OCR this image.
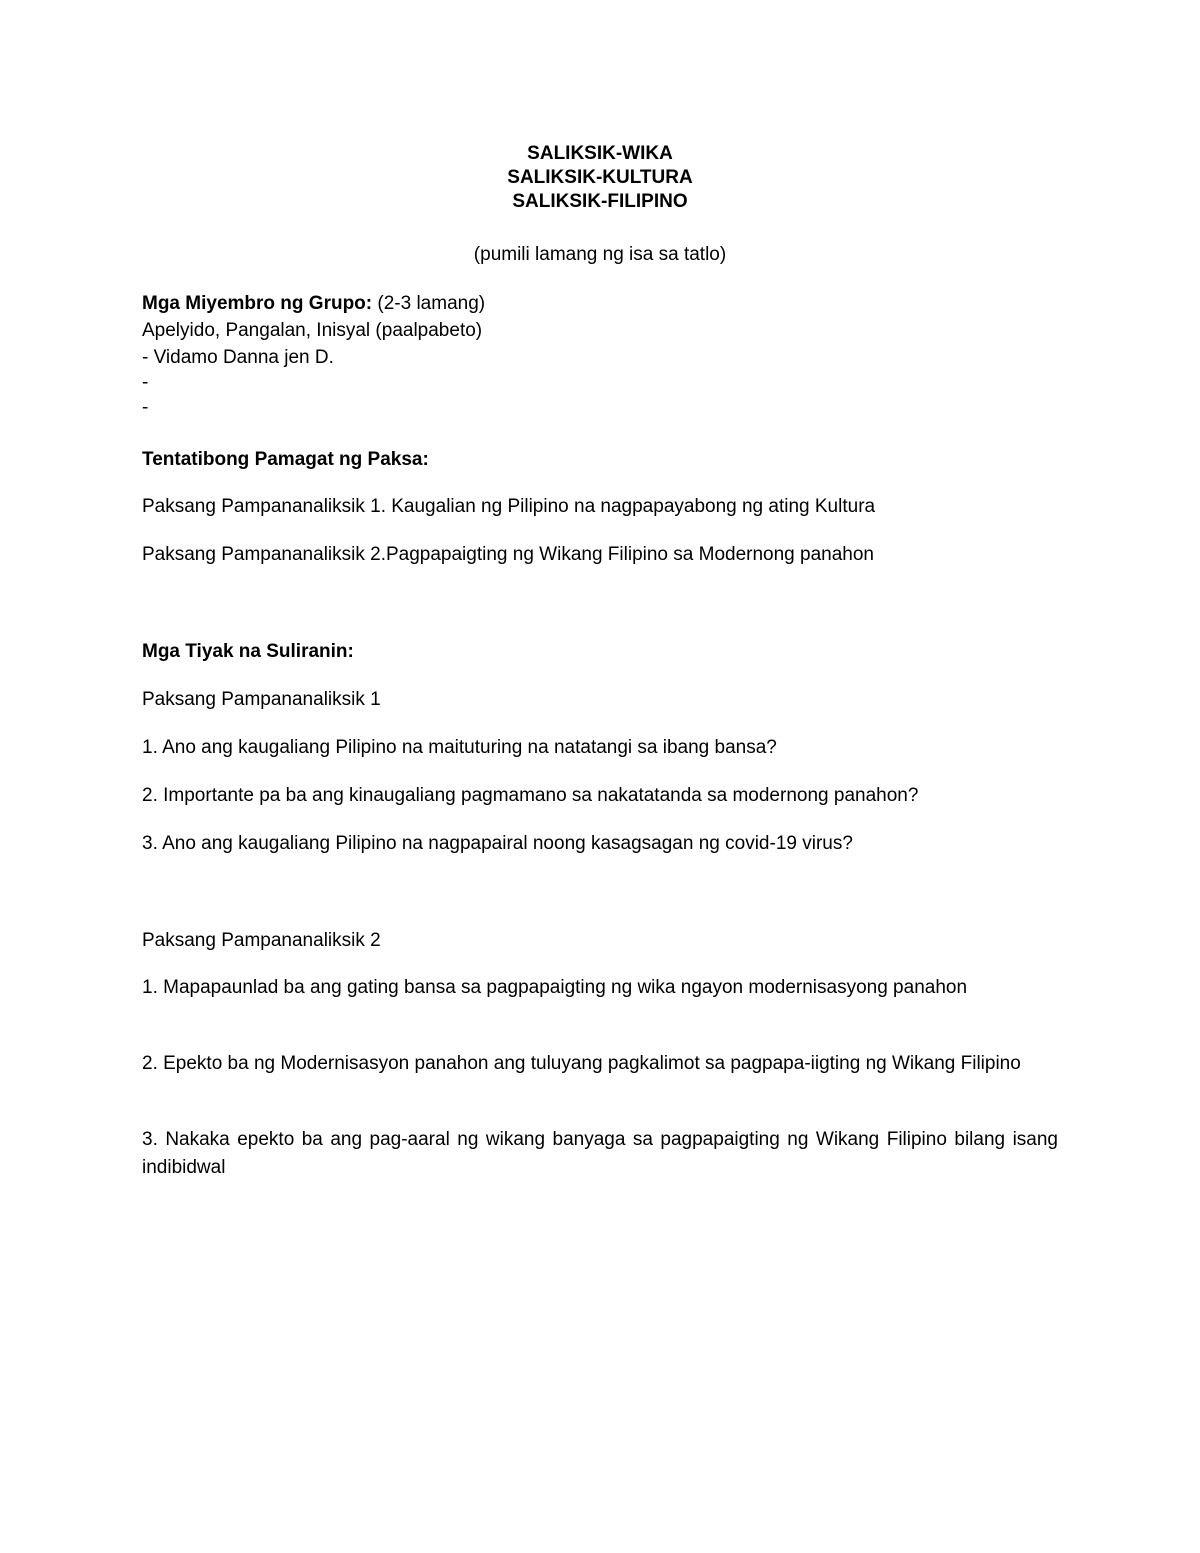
SALIKSIK-WIKA
SALIKSIK-KULTURA
SALIKSIK-FILIPINO
(pumili lamang ng isa sa tatlo)
Mga Miyembro ng Grupo: (2-3 lamang)
Apelyido, Pangalan, Inisyal (paalpabeto)
- Vidamo Danna jen D.
-
-
Tentatibong Pamagat ng Paksa:
Paksang Pampananaliksik 1. Kaugalian ng Pilipino na nagpapayabong ng ating Kultura
Paksang Pampananaliksik 2.Pagpapaigting ng Wikang Filipino sa Modernong panahon
Mga Tiyak na Suliranin:
Paksang Pampananaliksik 1
1. Ano ang kaugaliang Pilipino na maituturing na natatangi sa ibang bansa?
2. Importante pa ba ang kinaugaliang pagmamano sa nakatatanda sa modernong panahon?
3. Ano ang kaugaliang Pilipino na nagpapairal noong kasagsagan ng covid-19 virus?
Paksang Pampananaliksik 2
1. Mapapaunlad ba ang gating bansa sa pagpapaigting ng wika ngayon modernisasyong panahon
2. Epekto ba ng Modernisasyon panahon ang tuluyang pagkalimot sa pagpapa-iigting ng Wikang Filipino
3. Nakaka epekto ba ang pag-aaral ng wikang banyaga sa pagpapaigting ng Wikang Filipino bilang isang indibidwal
